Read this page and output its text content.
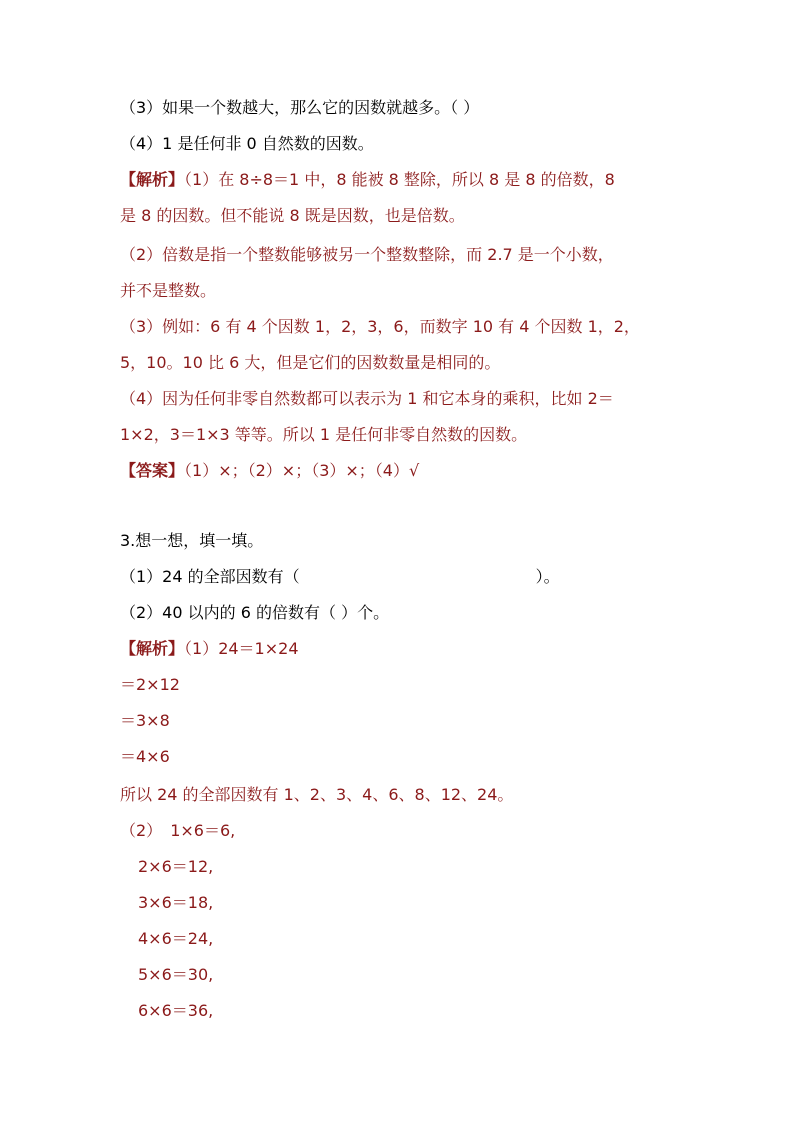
（3）如果一个数越大，那么它的因数就越多。（ ）
（4）1 是任何非 0 自然数的因数。
【解析】（1）在 8÷8＝1 中，8 能被 8 整除，所以 8 是 8 的倍数，8
是 8 的因数。但不能说 8 既是因数，也是倍数。
（2）倍数是指一个整数能够被另一个整数整除，而 2.7 是一个小数，
并不是整数。
（3）例如：6 有 4 个因数 1，2，3，6，而数字 10 有 4 个因数 1，2，
5，10。10 比 6 大，但是它们的因数数量是相同的。
（4）因为任何非零自然数都可以表示为 1 和它本身的乘积，比如 2＝
1×2，3＝1×3 等等。所以 1 是任何非零自然数的因数。
【答案】（1）×；（2）×；（3）×；（4）√
3.想一想，填一填。
（1）24 的全部因数有（	）。
（2）40 以内的 6 的倍数有（ ）个。
【解析】（1）24＝1×24
＝2×12
＝3×8
＝4×6
所以 24 的全部因数有 1、2、3、4、6、8、12、24。
（2） 1×6＝6,
2×6＝12,
3×6＝18,
4×6＝24,
5×6＝30,
6×6＝36,
